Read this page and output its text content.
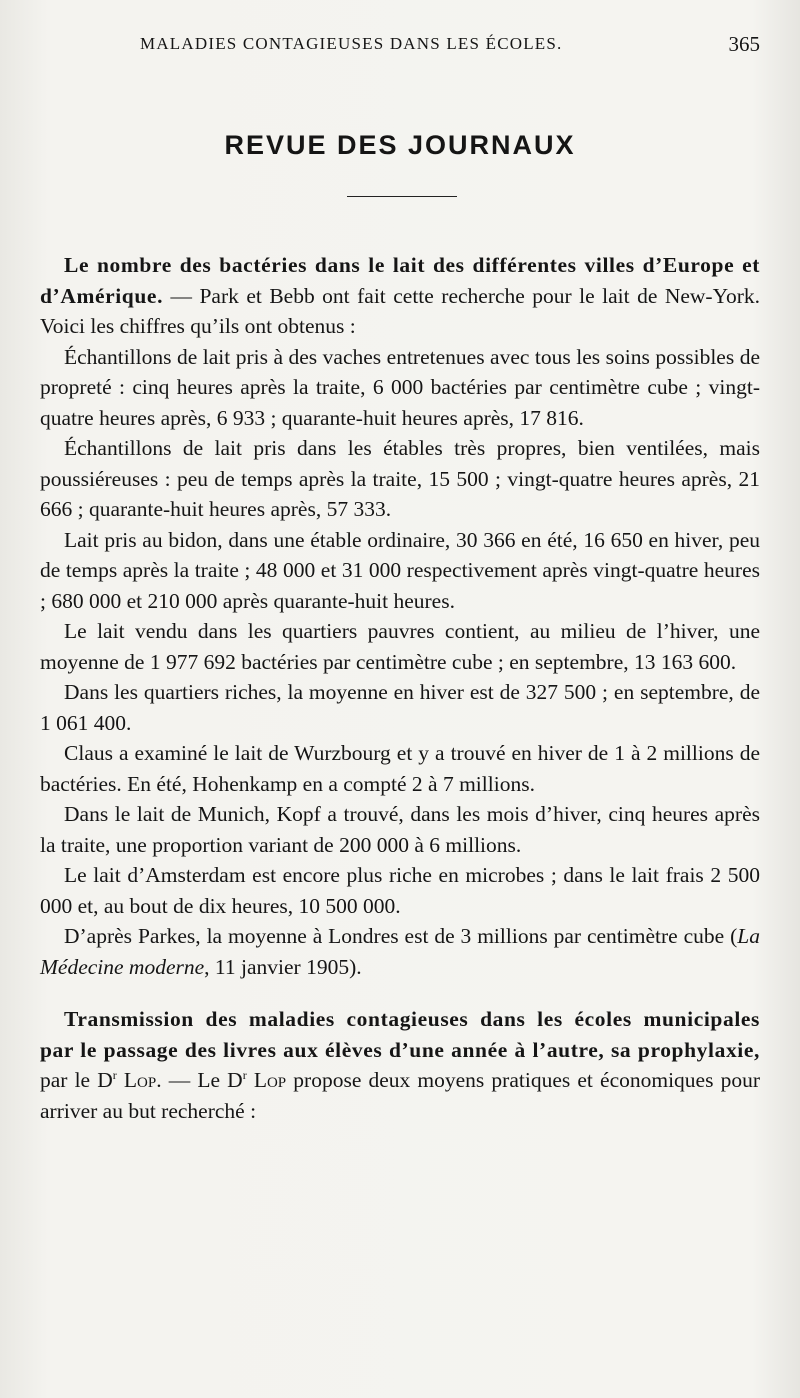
MALADIES CONTAGIEUSES DANS LES ÉCOLES.	365
REVUE DES JOURNAUX

Le nombre des bactéries dans le lait des différentes villes d’Europe et d’Amérique. — Park et Bebb ont fait cette recherche pour le lait de New-York. Voici les chiffres qu’ils ont obtenus :

Échantillons de lait pris à des vaches entretenues avec tous les soins possibles de propreté : cinq heures après la traite, 6 000 bactéries par centimètre cube ; vingt-quatre heures après, 6 933 ; quarante-huit heures après, 17 816.

Échantillons de lait pris dans les étables très propres, bien ventilées, mais poussiéreuses : peu de temps après la traite, 15 500 ; vingt-quatre heures après, 21 666 ; quarante-huit heures après, 57 333.

Lait pris au bidon, dans une étable ordinaire, 30 366 en été, 16 650 en hiver, peu de temps après la traite ; 48 000 et 31 000 respectivement après vingt-quatre heures ; 680 000 et 210 000 après quarante-huit heures.

Le lait vendu dans les quartiers pauvres contient, au milieu de l’hiver, une moyenne de 1 977 692 bactéries par centimètre cube ; en septembre, 13 163 600.

Dans les quartiers riches, la moyenne en hiver est de 327 500 ; en septembre, de 1 061 400.

Claus a examiné le lait de Wurzbourg et y a trouvé en hiver de 1 à 2 millions de bactéries. En été, Hohenkamp en a compté 2 à 7 millions.

Dans le lait de Munich, Kopf a trouvé, dans les mois d’hiver, cinq heures après la traite, une proportion variant de 200 000 à 6 millions.

Le lait d’Amsterdam est encore plus riche en microbes ; dans le lait frais 2 500 000 et, au bout de dix heures, 10 500 000.

D’après Parkes, la moyenne à Londres est de 3 millions par centimètre cube (La Médecine moderne, 11 janvier 1905).

Transmission des maladies contagieuses dans les écoles municipales par le passage des livres aux élèves d’une année à l’autre, sa prophylaxie, par le $D^r$ Lop. — Le $D^r$ Lop propose deux moyens pratiques et économiques pour arriver au but recherché :
